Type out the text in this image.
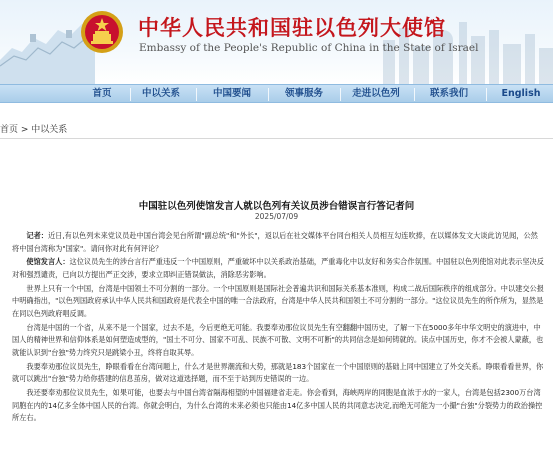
中华人民共和国驻以色列大使馆
Embassy of the People's Republic of China in the State of Israel
首页	中以关系	中国要闻	领事服务	走进以色列	联系我们	English
首页 > 中以关系
中国驻以色列使馆发言人就以色列有关议员涉台错误言行答记者问
2025/07/09

记者：近日,有以色列未来党议员赴中国台湾会见台所谓"副总统"和"外长"，返以后在社交媒体平台同台相关人员相互勾连吹捧，在以媒体发文大谈此访见闻，公然将中国台湾称为"国家"。请问你对此有何评论？

使馆发言人：这位议员先生的涉台言行严重违反一个中国原则，严重破坏中以关系政治基础，严重毒化中以友好和务实合作氛围。中国驻以色列使馆对此表示坚决反对和强烈谴责，已向以方提出严正交涉，要求立即纠正错误做法，消除恶劣影响。

世界上只有一个中国，台湾是中国领土不可分割的一部分。一个中国原则是国际社会普遍共识和国际关系基本准则，构成二战后国际秩序的组成部分。中以建交公报中明确指出，"以色列国政府承认中华人民共和国政府是代表全中国的唯一合法政府，台湾是中华人民共和国领土不可分割的一部分。"这位议员先生的所作所为，显然是在同以色列政府唱反调。

台湾是中国的一个省，从来不是一个国家，过去不是，今后更绝无可能。我要奉劝那位议员先生有空翻翻中国历史，了解一下在5000多年中华文明史的演进中，中国人的精神世界和信仰体系是如何塑造成型的，"国土不可分、国家不可乱、民族不可散、文明不可断"的共同信念是如何铸就的。读点中国历史，你才不会被人蒙蔽，也就能认识到"台独"势力终究只是跳梁小丑，终将自取其辱。

我要奉劝那位议员先生，睁眼看看在台湾问题上，什么才是世界潮流和大势，那就是183个国家在一个中国原则的基础上同中国建立了外交关系。睁眼看看世界，你就可以跳出"台独"势力给你搭建的信息茧房，做对这道选择题，而不至于站到历史错误的一边。

我还要奉劝那位议员先生，如果可能，也要去与中国台湾省隔海相望的中国福建省走走。你会看到，海峡两岸的同胞是血浓于水的一家人，台湾是包括2300万台湾同胞在内的14亿多全体中国人民的台湾。你就会明白，为什么台湾的未来必须也只能由14亿多中国人民的共同意志决定,而绝无可能为一小撮"台独"分裂势力的政治操控所左右。
